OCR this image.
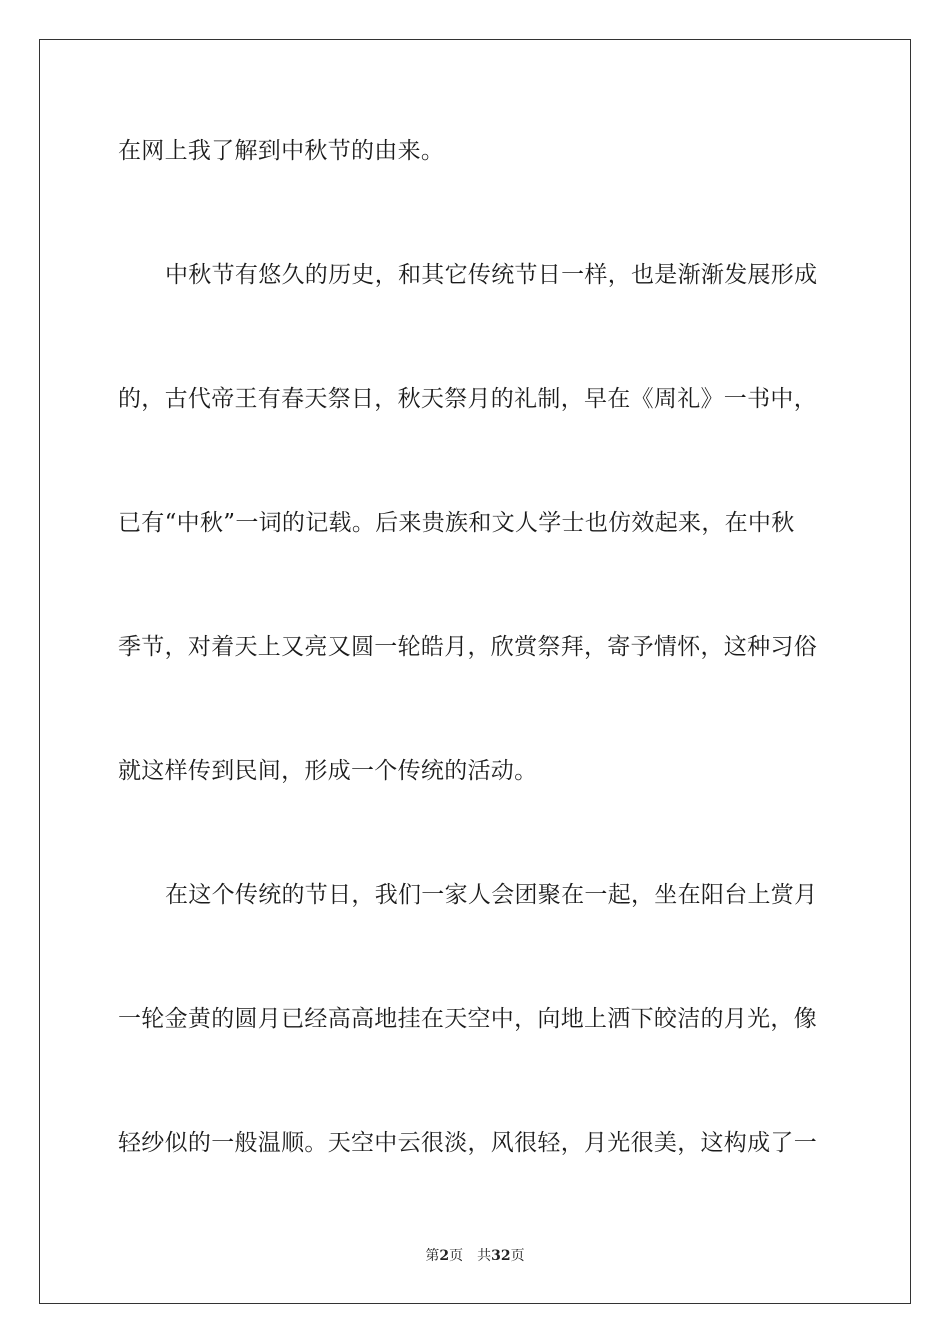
在网上我了解到中秋节的由来。
中秋节有悠久的历史，和其它传统节日一样，也是渐渐发展形成
的，古代帝王有春天祭日，秋天祭月的礼制，早在《周礼》一书中，
已有“中秋”一词的记载。后来贵族和文人学士也仿效起来，在中秋
季节，对着天上又亮又圆一轮皓月，欣赏祭拜，寄予情怀，这种习俗
就这样传到民间，形成一个传统的活动。
在这个传统的节日，我们一家人会团聚在一起，坐在阳台上赏月
一轮金黄的圆月已经高高地挂在天空中，向地上洒下皎洁的月光，像
轻纱似的一般温顺。天空中云很淡，风很轻，月光很美，这构成了一
第2页 共32页
